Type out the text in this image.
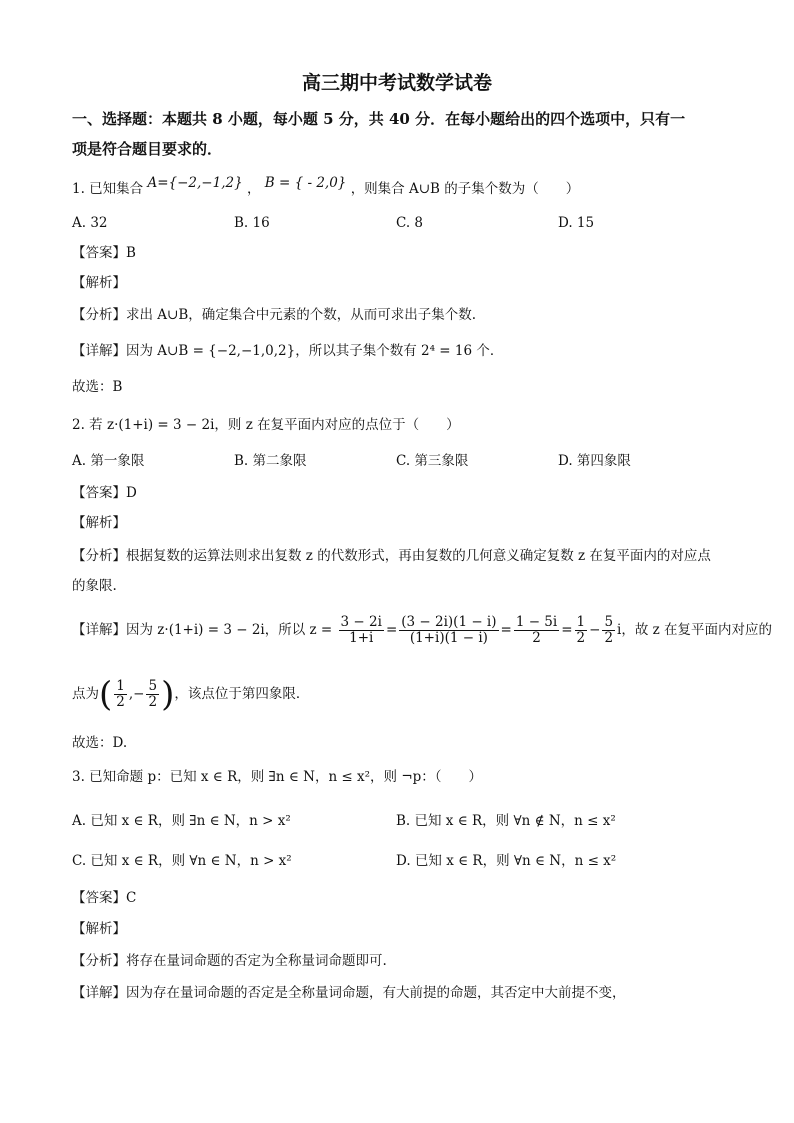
高三期中考试数学试卷
一、选择题：本题共 8 小题，每小题 5 分，共 40 分．在每小题给出的四个选项中，只有一
项是符合题目要求的．
1. 已知集合 A={−2,−1,2} ， B = { - 2,0} ，则集合 A∪B 的子集个数为（　　）
A. 32	B. 16	C. 8	D. 15
【答案】B
【解析】
【分析】求出 A∪B，确定集合中元素的个数，从而可求出子集个数.
【详解】因为 A∪B = {−2,−1,0,2}，所以其子集个数有 2⁴ = 16 个．
故选：B
2. 若 z·(1+i) = 3 − 2i，则 z 在复平面内对应的点位于（　　）
A. 第一象限	B. 第二象限	C. 第三象限	D. 第四象限
【答案】D
【解析】
【分析】根据复数的运算法则求出复数 z 的代数形式，再由复数的几何意义确定复数 z 在复平面内的对应点
的象限.
【详解】因为 z·(1+i) = 3 − 2i，所以 $z = \frac{3 - 2i}{1+i} = \frac{(3 - 2i)(1 - i)}{(1+i)(1 - i)} = \frac{1 - 5i}{2} = \frac{1}{2} - \frac{5}{2}$ i，故 z 在复平面内对应的
点为( $\frac{1}{2}$ ,− $\frac{5}{2}$ )，该点位于第四象限．
故选：D.
3. 已知命题 p：已知 x ∈ R，则 ∃n ∈ N，n ≤ x²，则 ¬p：（　　）
A. 已知 x ∈ R，则 ∃n ∈ N，n > x²	B. 已知 x ∈ R，则 ∀n ∉ N，n ≤ x²
C. 已知 x ∈ R，则 ∀n ∈ N，n > x²	D. 已知 x ∈ R，则 ∀n ∈ N，n ≤ x²
【答案】C
【解析】
【分析】将存在量词命题的否定为全称量词命题即可.
【详解】因为存在量词命题的否定是全称量词命题，有大前提的命题，其否定中大前提不变，
